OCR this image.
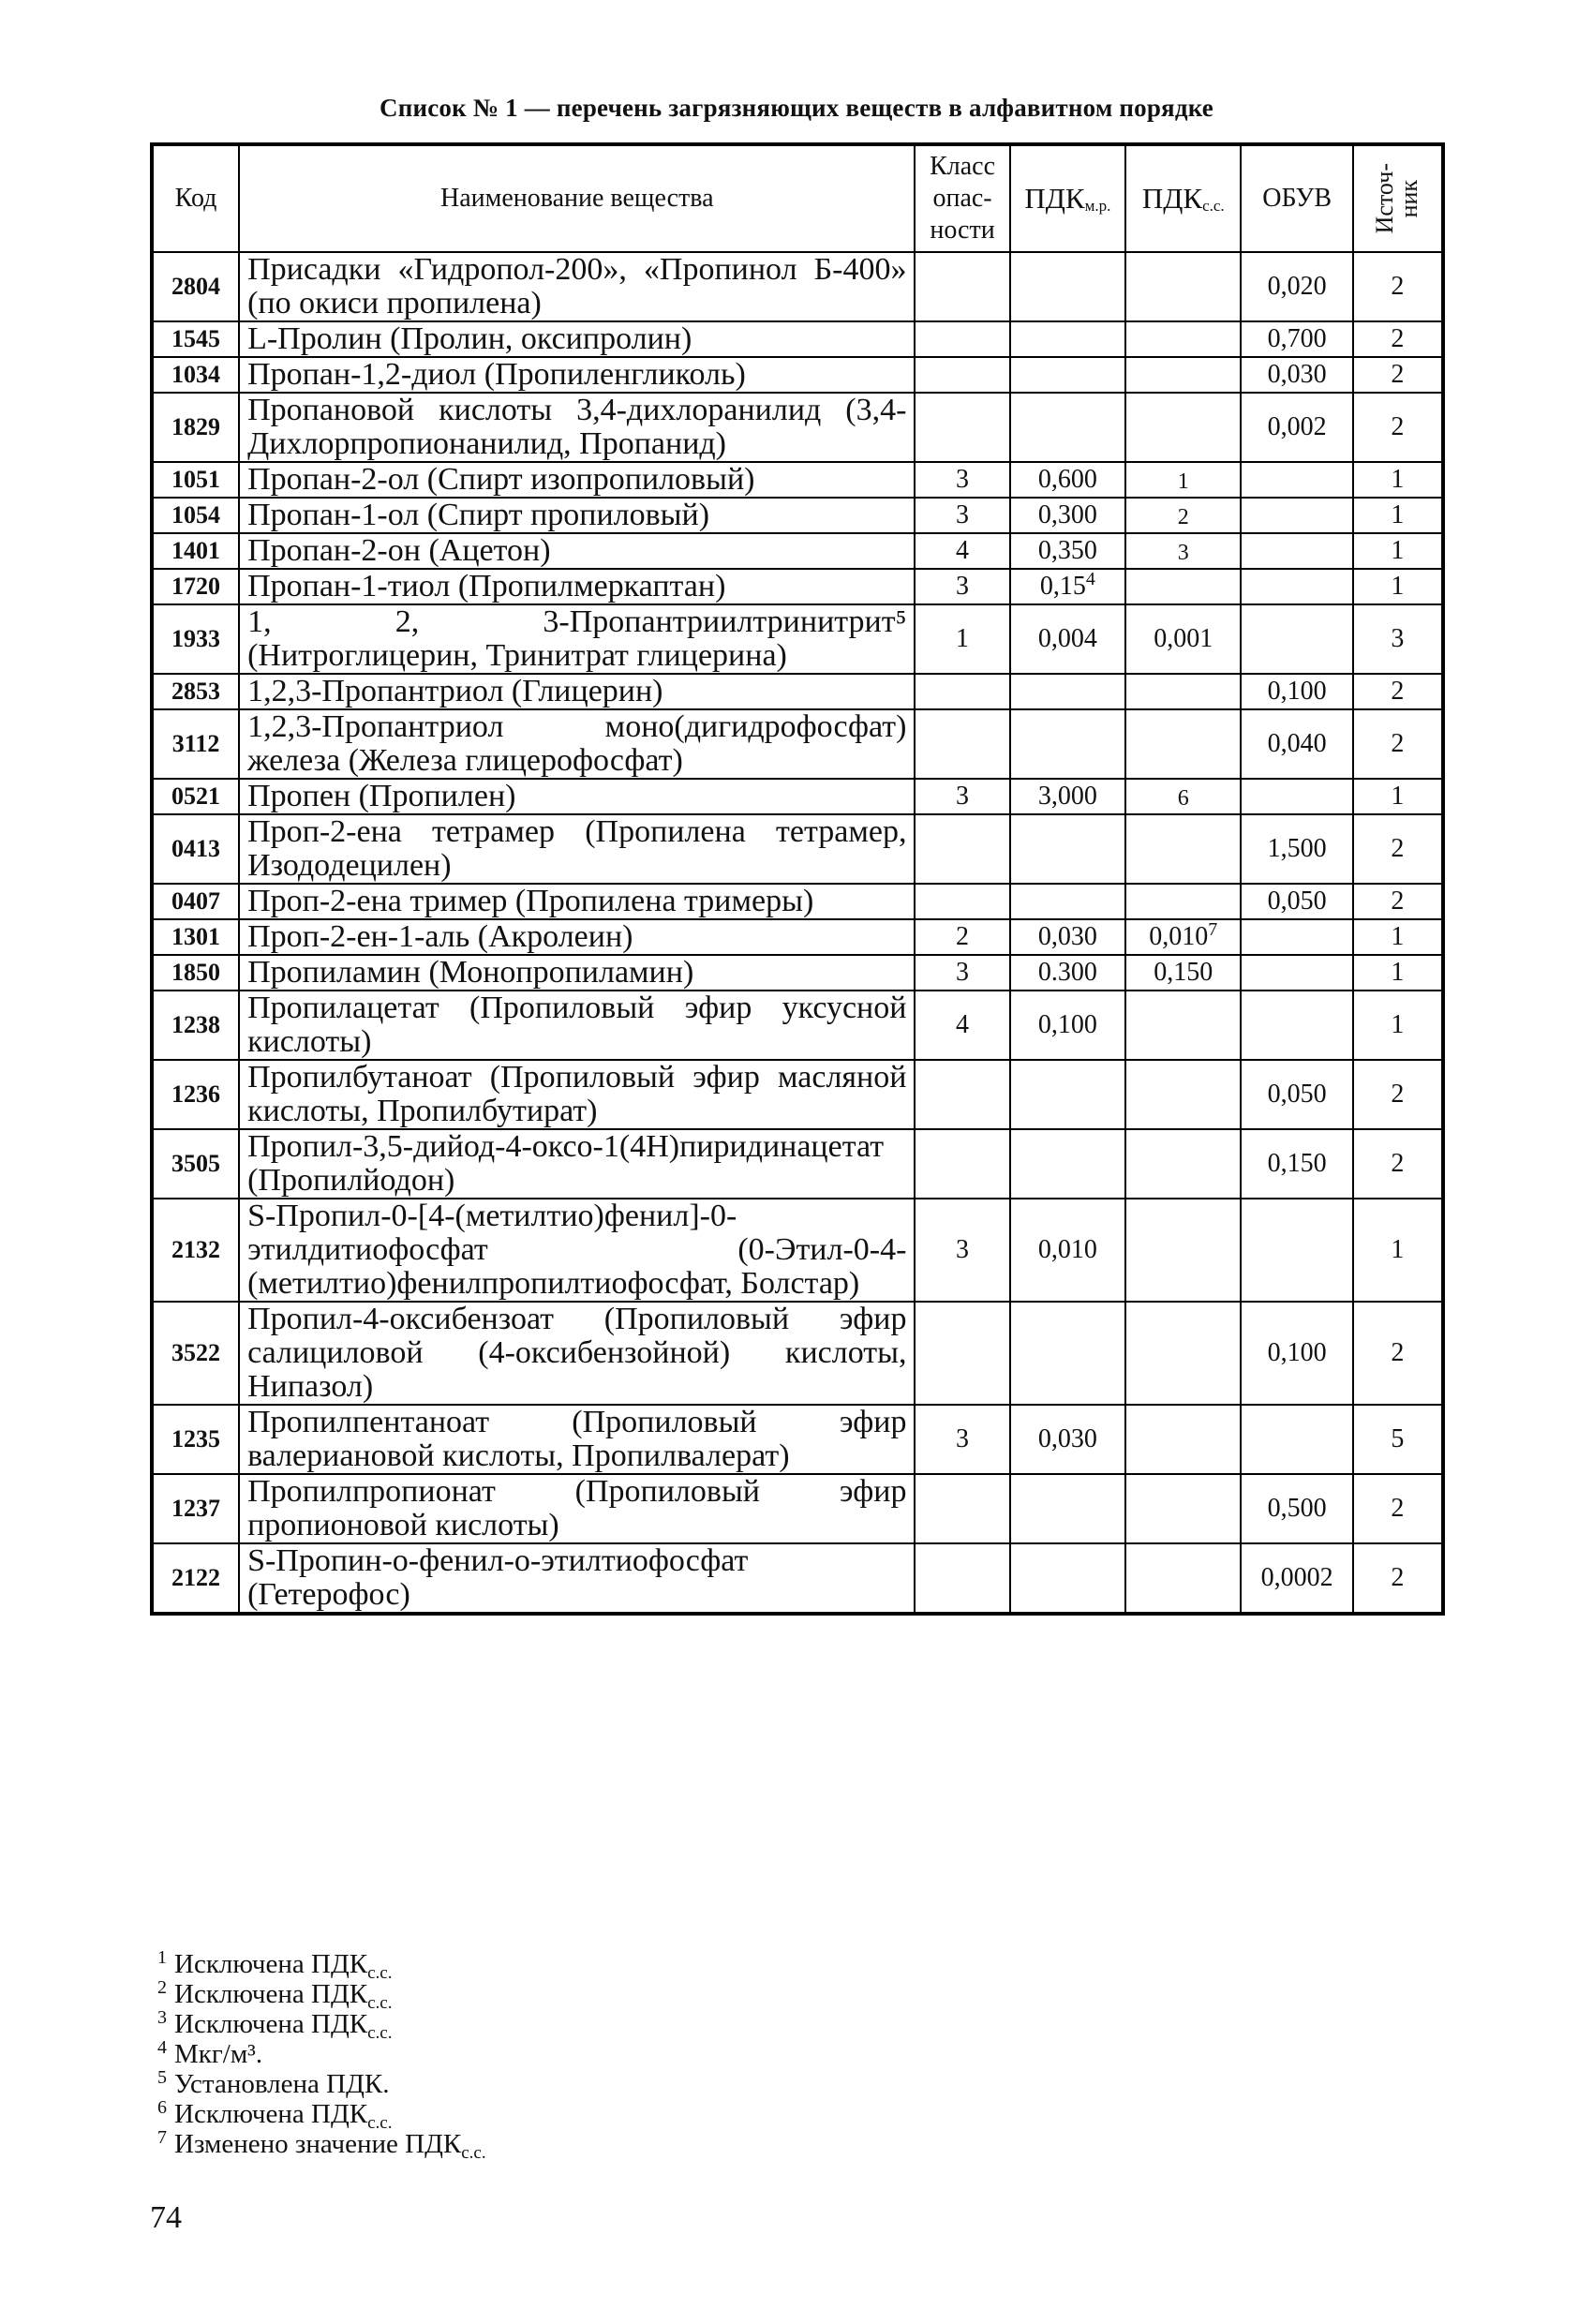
Список № 1 — перечень загрязняющих веществ в алфавитном порядке
Код	Наименование вещества	Класс опас- ности	$ПДК_{м.р.}$	$ПДК_{с.с.}$	ОБУВ	Источ-
ник

2804	Присадки «Гидропол-200», «Пропинол Б-400» (по окиси пропилена)				0,020	2
1545	L-Пролин (Пролин, оксипролин)				0,700	2
1034	Пропан-1,2-диол (Пропиленгликоль)				0,030	2
1829	Пропановой кислоты 3,4-дихлоранилид (3,4-Дихлорпропионанилид, Пропанид)				0,002	2
1051	Пропан-2-ол (Спирт изопропиловый)	3	0,600	1		1
1054	Пропан-1-ол (Спирт пропиловый)	3	0,300	2		1
1401	Пропан-2-он (Ацетон)	4	0,350	3		1
1720	Пропан-1-тиол (Пропилмеркаптан)	3	0,15$^4$			1
1933	1, 2, 3-Пропантриилтринитрит⁵ (Нитроглицерин, Тринитрат глицерина)	1	0,004	0,001		3
2853	1,2,3-Пропантриол (Глицерин)				0,100	2
3112	1,2,3-Пропантриол моно(дигидрофосфат) железа (Железа глицерофосфат)				0,040	2
0521	Пропен (Пропилен)	3	3,000	6		1
0413	Проп-2-ена тетрамер (Пропилена тетрамер, Изододецилен)				1,500	2
0407	Проп-2-ена тример (Пропилена тримеры)				0,050	2
1301	Проп-2-ен-1-аль (Акролеин)	2	0,030	0,010$^7$		1
1850	Пропиламин (Монопропиламин)	3	0.300	0,150		1
1238	Пропилацетат (Пропиловый эфир уксусной кислоты)	4	0,100			1
1236	Пропилбутаноат (Пропиловый эфир масляной кислоты, Пропилбутират)				0,050	2
3505	Пропил-3,5-дийод-4-оксо-1(4Н)пиридинацетат (Пропилйодон)				0,150	2
2132	S-Пропил-0-[4-(метилтио)фенил]-0-этилдитиофосфат (0-Этил-0-4-(метилтио)фенилпропилтиофосфат, Болстар)	3	0,010			1
3522	Пропил-4-оксибензоат (Пропиловый эфир салициловой (4-оксибензойной) кислоты, Нипазол)				0,100	2
1235	Пропилпентаноат (Пропиловый эфир валериановой кислоты, Пропилвалерат)	3	0,030			5
1237	Пропилпропионат (Пропиловый эфир пропионовой кислоты)				0,500	2
2122	S-Пропин-о-фенил-о-этилтиофосфат (Гетерофос)				0,0002	2
$^1$ Исключена $ПДК_{с.с.}$
$^2$ Исключена $ПДК_{с.с.}$
$^3$ Исключена $ПДК_{с.с.}$
$^4$ Мкг/м³.
$^5$ Установлена ПДК.
$^6$ Исключена $ПДК_{с.с.}$
$^7$ Изменено значение $ПДК_{с.с.}$
74
